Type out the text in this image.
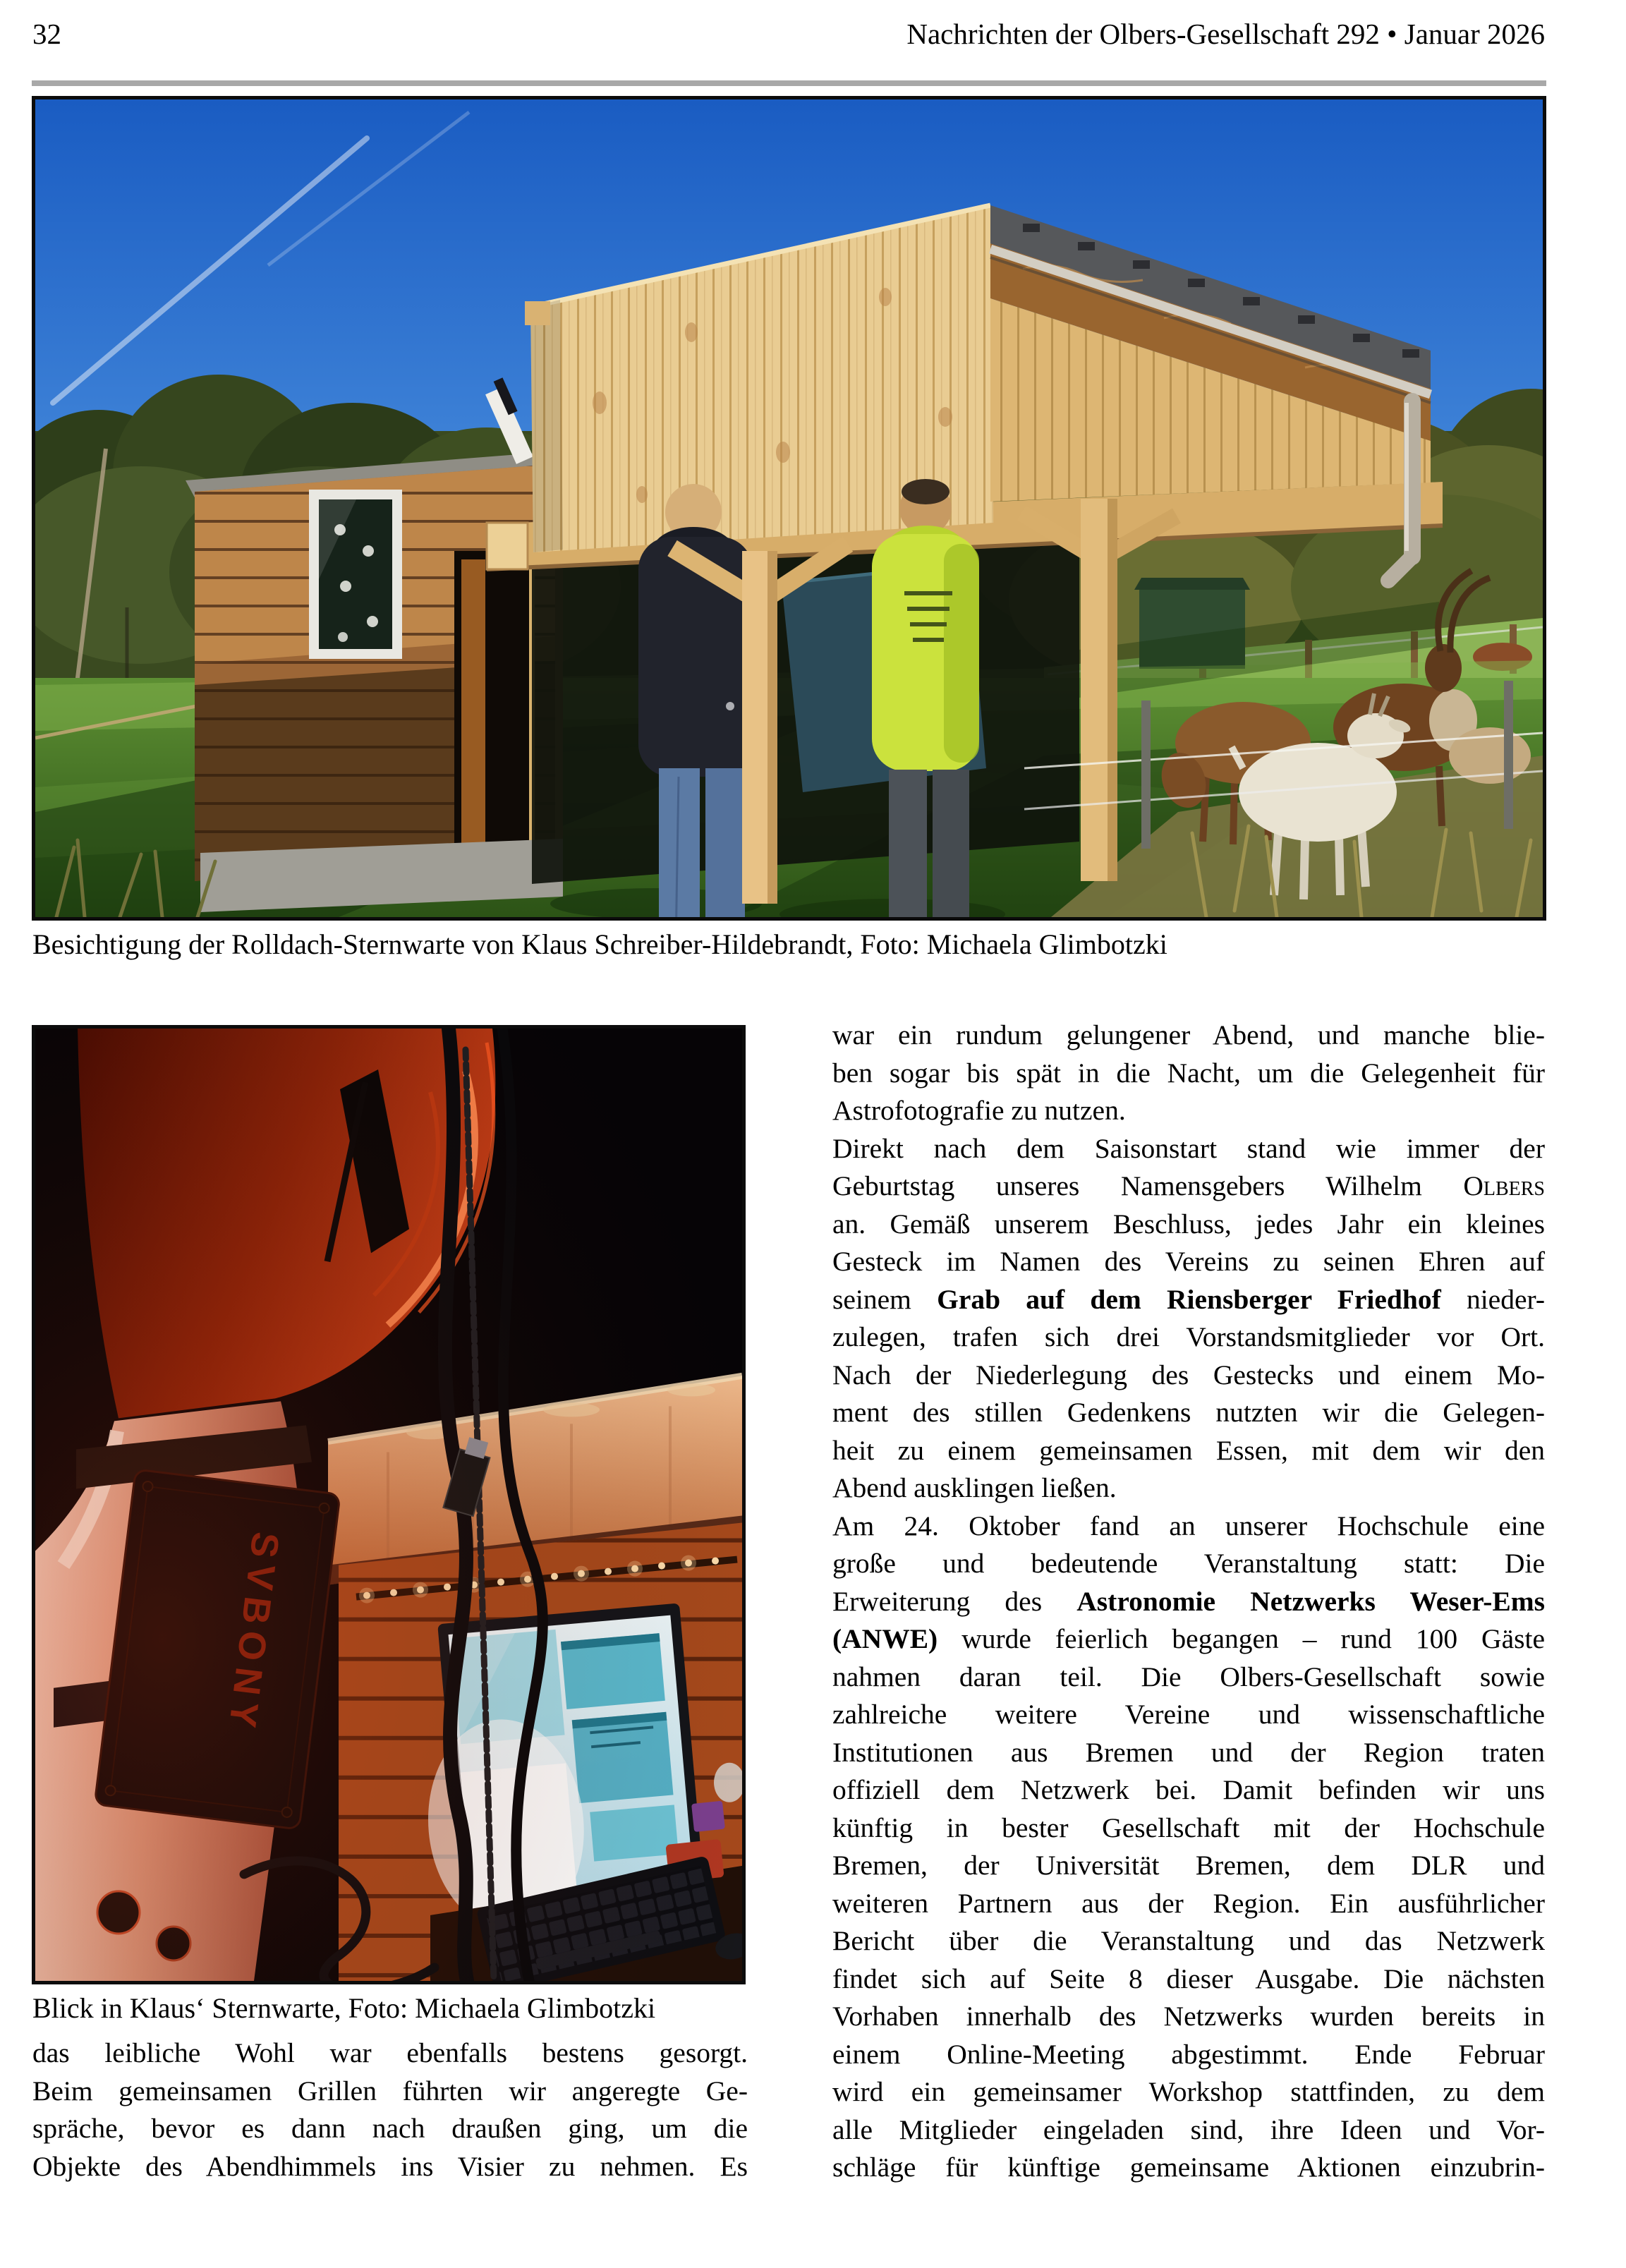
32	Nachrichten der Olbers-Gesellschaft 292 • Januar 2026
Besichtigung der Rolldach-Sternwarte von Klaus Schreiber-Hildebrandt, Foto: Michaela Glimbotzki
Blick in Klaus‘ Sternwarte, Foto: Michaela Glimbotzki
das leibliche Wohl war ebenfalls bestens gesorgt.
Beim gemeinsamen Grillen führten wir angeregte Ge-
spräche, bevor es dann nach draußen ging, um die
Objekte des Abendhimmels ins Visier zu nehmen. Es
war ein rundum gelungener Abend, und manche blie-
ben sogar bis spät in die Nacht, um die Gelegenheit für
Astrofotografie zu nutzen.
Direkt nach dem Saisonstart stand wie immer der
Geburtstag unseres Namensgebers Wilhelm Olbers
an. Gemäß unserem Beschluss, jedes Jahr ein kleines
Gesteck im Namen des Vereins zu seinen Ehren auf
seinem Grab auf dem Riensberger Friedhof nieder-
zulegen, trafen sich drei Vorstandsmitglieder vor Ort.
Nach der Niederlegung des Gestecks und einem Mo-
ment des stillen Gedenkens nutzten wir die Gelegen-
heit zu einem gemeinsamen Essen, mit dem wir den
Abend ausklingen ließen.
Am 24. Oktober fand an unserer Hochschule eine
große und bedeutende Veranstaltung statt: Die
Erweiterung des Astronomie Netzwerks Weser-Ems
(ANWE) wurde feierlich begangen – rund 100 Gäste
nahmen daran teil. Die Olbers-Gesellschaft sowie
zahlreiche weitere Vereine und wissenschaftliche
Institutionen aus Bremen und der Region traten
offiziell dem Netzwerk bei. Damit befinden wir uns
künftig in bester Gesellschaft mit der Hochschule
Bremen, der Universität Bremen, dem DLR und
weiteren Partnern aus der Region. Ein ausführlicher
Bericht über die Veranstaltung und das Netzwerk
findet sich auf Seite 8 dieser Ausgabe. Die nächsten
Vorhaben innerhalb des Netzwerks wurden bereits in
einem Online-Meeting abgestimmt. Ende Februar
wird ein gemeinsamer Workshop stattfinden, zu dem
alle Mitglieder eingeladen sind, ihre Ideen und Vor-
schläge für künftige gemeinsame Aktionen einzubrin-
